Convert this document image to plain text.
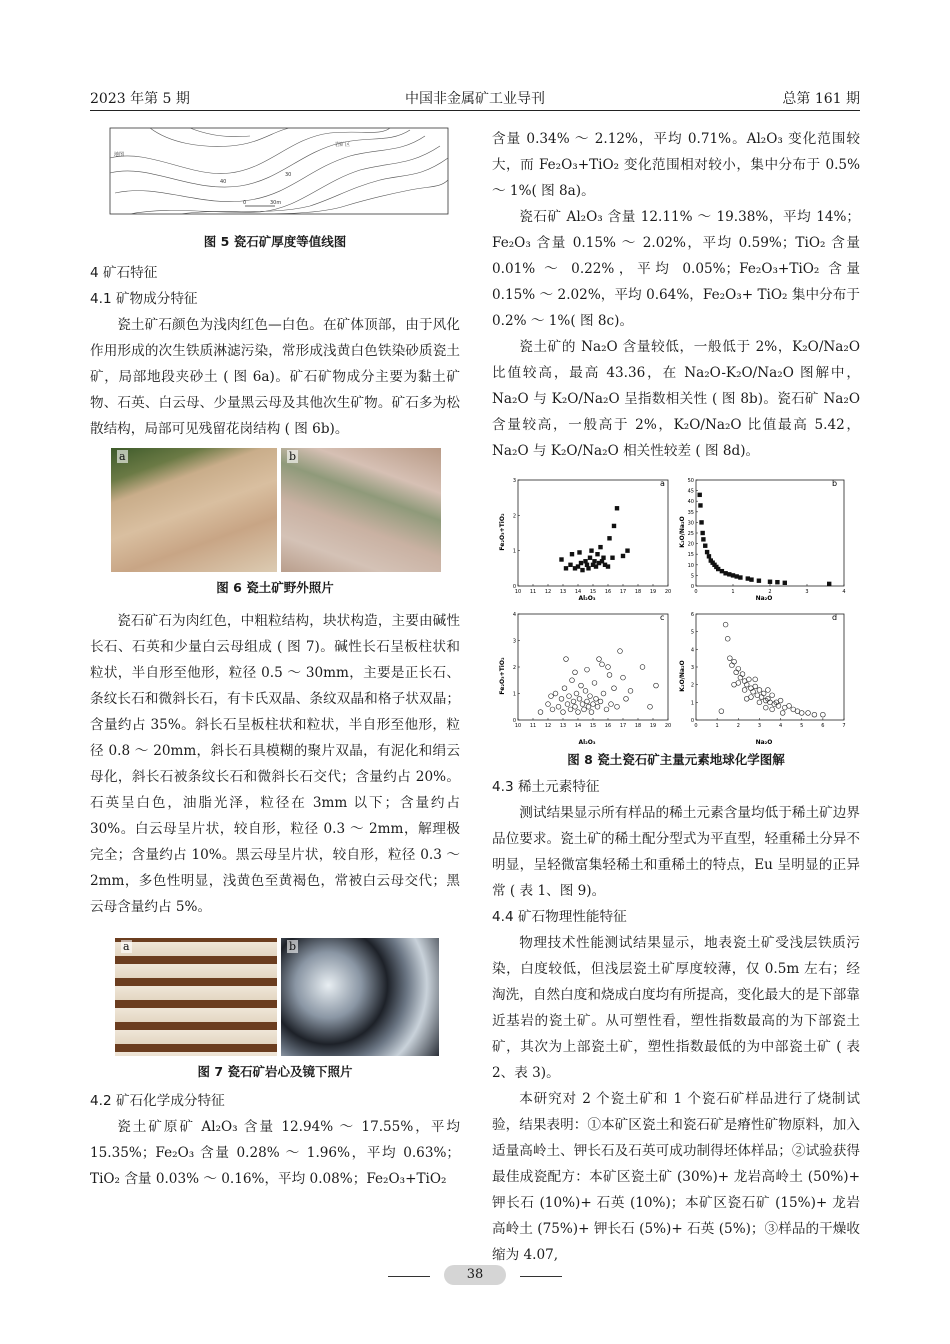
2023 年第 5 期	中国非金属矿工业导刊	总第 161 期
40
30
地图
岩矿区
0	30m
图 5 瓷石矿厚度等值线图

4 矿石特征

4.1 矿物成分特征

瓷土矿石颜色为浅肉红色—白色。在矿体顶部，由于风化作用形成的次生铁质淋滤污染，常形成浅黄白色铁染砂质瓷土矿，局部地段夹砂土 ( 图 6a)。矿石矿物成分主要为黏土矿物、石英、白云母、少量黑云母及其他次生矿物。矿石多为松散结构，局部可见残留花岗结构 ( 图 6b)。

a	b
图 6 瓷土矿野外照片

瓷石矿石为肉红色，中粗粒结构，块状构造，主要由碱性长石、石英和少量白云母组成 ( 图 7)。碱性长石呈板柱状和粒状，半自形至他形，粒径 0.5 ～ 30mm，主要是正长石、条纹长石和微斜长石，有卡氏双晶、条纹双晶和格子状双晶；含量约占 35%。斜长石呈板柱状和粒状，半自形至他形，粒径 0.8 ～ 20mm，斜长石具模糊的聚片双晶，有泥化和绢云母化，斜长石被条纹长石和微斜长石交代；含量约占 20%。石英呈白色，油脂光泽，粒径在 3mm 以下；含量约占 30%。白云母呈片状，较自形，粒径 0.3 ～ 2mm，解理极完全；含量约占 10%。黑云母呈片状，较自形，粒径 0.3 ～ 2mm，多色性明显，浅黄色至黄褐色，常被白云母交代；黑云母含量约占 5%。

a	b
图 7 瓷石矿岩心及镜下照片

4.2 矿石化学成分特征

瓷土矿原矿 Al₂O₃ 含量 12.94% ～ 17.55%，平均 15.35%；Fe₂O₃ 含量 0.28% ～ 1.96%，平均 0.63%；TiO₂ 含量 0.03% ～ 0.16%，平均 0.08%；Fe₂O₃+TiO₂

含量 0.34% ～ 2.12%，平均 0.71%。Al₂O₃ 变化范围较大，而 Fe₂O₃+TiO₂ 变化范围相对较小，集中分布于 0.5% ～ 1%( 图 8a)。

瓷石矿 Al₂O₃ 含量 12.11% ～ 19.38%，平均 14%；Fe₂O₃ 含量 0.15% ～ 2.02%，平均 0.59%；TiO₂ 含量 0.01% ～ 0.22%，平均 0.05%；Fe₂O₃+TiO₂ 含量 0.15% ～ 2.02%，平均 0.64%，Fe₂O₃+ TiO₂ 集中分布于 0.2% ～ 1%( 图 8c)。

瓷土矿的 Na₂O 含量较低，一般低于 2%，K₂O/Na₂O 比值较高，最高 43.36，在 Na₂O-K₂O/Na₂O 图解中，Na₂O 与 K₂O/Na₂O 呈指数相关性 ( 图 8b)。瓷石矿 Na₂O 含量较高，一般高于 2%，K₂O/Na₂O 比值最高 5.42，Na₂O 与 K₂O/Na₂O 相关性较差 ( 图 8d)。

a	b
c	d
Al₂O₃	Na₂O
Al₂O₃	Na₂O
Fe₂O₃+TiO₂	K₂O/Na₂O
Fe₂O₃+TiO₂	K₂O/Na₂O
10 11 12 13 14 15 16 17 18 19 20
0
1
2
3
0	1	2	3	4
0
5
10
15
20
25
30
35
40
45
50
10 11 12 13 14 15 16 17 18 19 20
0
1
2
3
4
0	1	2	3	4	5	6	7
0
1
2
3
4
5
6
图 8 瓷土瓷石矿主量元素地球化学图解

4.3 稀土元素特征

测试结果显示所有样品的稀土元素含量均低于稀土矿边界品位要求。瓷土矿的稀土配分型式为平直型，轻重稀土分异不明显，呈轻微富集轻稀土和重稀土的特点，Eu 呈明显的正异常 ( 表 1、图 9)。

4.4 矿石物理性能特征

物理技术性能测试结果显示，地表瓷土矿受浅层铁质污染，白度较低，但浅层瓷土矿厚度较薄，仅 0.5m 左右；经淘洗，自然白度和烧成白度均有所提高，变化最大的是下部靠近基岩的瓷土矿。从可塑性看，塑性指数最高的为下部瓷土矿，其次为上部瓷土矿，塑性指数最低的为中部瓷土矿 ( 表 2、表 3)。

本研究对 2 个瓷土矿和 1 个瓷石矿样品进行了烧制试验，结果表明：①本矿区瓷土和瓷石矿是瘠性矿物原料，加入适量高岭土、钾长石及石英可成功制得坯体样品；②试验获得最佳成瓷配方：本矿区瓷土矿 (30%)+ 龙岩高岭土 (50%)+ 钾长石 (10%)+ 石英 (10%)；本矿区瓷石矿 (15%)+ 龙岩高岭土 (75%)+ 钾长石 (5%)+ 石英 (5%)；③样品的干燥收缩为 4.07,

38
